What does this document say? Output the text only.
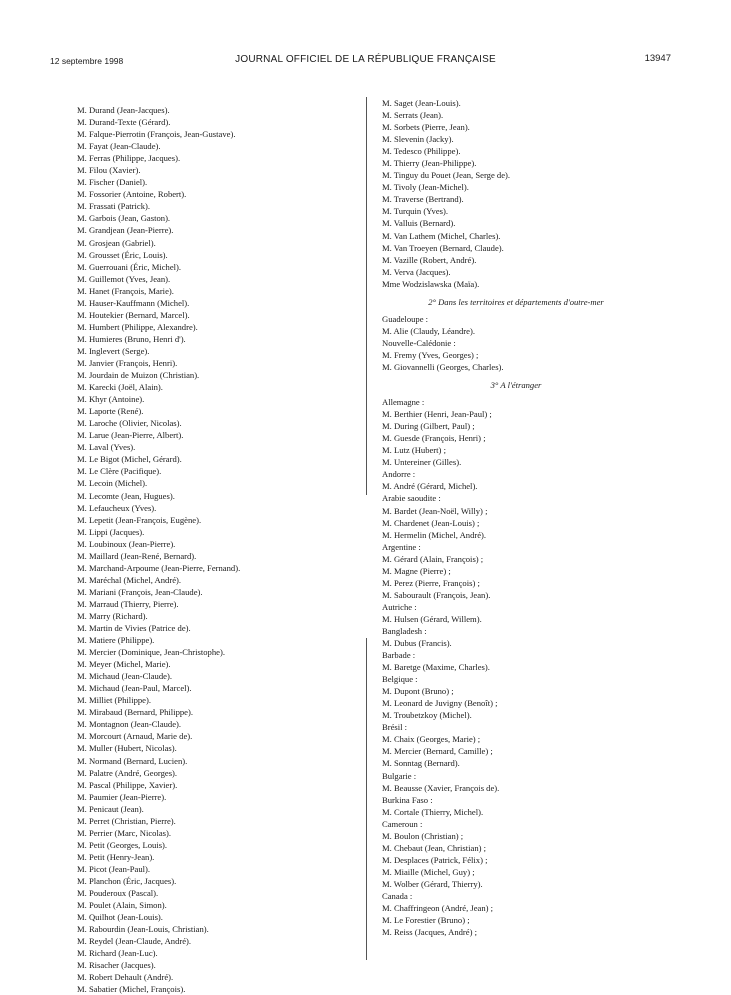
12 septembre 1998	JOURNAL OFFICIEL DE LA RÉPUBLIQUE FRANÇAISE	13947
M. Durand (Jean-Jacques).
M. Durand-Texte (Gérard).
M. Falque-Pierrotin (François, Jean-Gustave).
M. Fayat (Jean-Claude).
M. Ferras (Philippe, Jacques).
M. Filou (Xavier).
M. Fischer (Daniel).
M. Fossorier (Antoine, Robert).
M. Frassati (Patrick).
M. Garbois (Jean, Gaston).
M. Grandjean (Jean-Pierre).
M. Grosjean (Gabriel).
M. Grousset (Éric, Louis).
M. Guerrouani (Éric, Michel).
M. Guillemot (Yves, Jean).
M. Hanet (François, Marie).
M. Hauser-Kauffmann (Michel).
M. Houtekier (Bernard, Marcel).
M. Humbert (Philippe, Alexandre).
M. Humieres (Bruno, Henri d').
M. Inglevert (Serge).
M. Janvier (François, Henri).
M. Jourdain de Muizon (Christian).
M. Karecki (Joël, Alain).
M. Khyr (Antoine).
M. Laporte (René).
M. Laroche (Olivier, Nicolas).
M. Larue (Jean-Pierre, Albert).
M. Laval (Yves).
M. Le Bigot (Michel, Gérard).
M. Le Clère (Pacifique).
M. Lecoin (Michel).
M. Lecomte (Jean, Hugues).
M. Lefaucheux (Yves).
M. Lepetit (Jean-François, Eugène).
M. Lippi (Jacques).
M. Loubinoux (Jean-Pierre).
M. Maillard (Jean-René, Bernard).
M. Marchand-Arpoume (Jean-Pierre, Fernand).
M. Maréchal (Michel, André).
M. Mariani (François, Jean-Claude).
M. Marraud (Thierry, Pierre).
M. Marry (Richard).
M. Martin de Vivies (Patrice de).
M. Matiere (Philippe).
M. Mercier (Dominique, Jean-Christophe).
M. Meyer (Michel, Marie).
M. Michaud (Jean-Claude).
M. Michaud (Jean-Paul, Marcel).
M. Milliet (Philippe).
M. Mirabaud (Bernard, Philippe).
M. Montagnon (Jean-Claude).
M. Morcourt (Arnaud, Marie de).
M. Muller (Hubert, Nicolas).
M. Normand (Bernard, Lucien).
M. Palatre (André, Georges).
M. Pascal (Philippe, Xavier).
M. Paumier (Jean-Pierre).
M. Penicaut (Jean).
M. Perret (Christian, Pierre).
M. Perrier (Marc, Nicolas).
M. Petit (Georges, Louis).
M. Petit (Henry-Jean).
M. Picot (Jean-Paul).
M. Planchon (Éric, Jacques).
M. Pouderoux (Pascal).
M. Poulet (Alain, Simon).
M. Quilhot (Jean-Louis).
M. Rabourdin (Jean-Louis, Christian).
M. Reydel (Jean-Claude, André).
M. Richard (Jean-Luc).
M. Risacher (Jacques).
M. Robert Dehault (André).
M. Sabatier (Michel, François).
M. Saget (Jean-Louis).
M. Serrats (Jean).
M. Sorbets (Pierre, Jean).
M. Slevenin (Jacky).
M. Tedesco (Philippe).
M. Thierry (Jean-Philippe).
M. Tinguy du Pouet (Jean, Serge de).
M. Tivoly (Jean-Michel).
M. Traverse (Bertrand).
M. Turquin (Yves).
M. Valluis (Bernard).
M. Van Lathem (Michel, Charles).
M. Van Troeyen (Bernard, Claude).
M. Vazille (Robert, André).
M. Verva (Jacques).
Mme Wodzislawska (Maïa).
2° Dans les territoires et départements d'outre-mer
Guadeloupe :
M. Alie (Claudy, Léandre).
Nouvelle-Calédonie :
M. Fremy (Yves, Georges) ;
M. Giovannelli (Georges, Charles).
3° A l'étranger
Allemagne :
M. Berthier (Henri, Jean-Paul) ;
M. During (Gilbert, Paul) ;
M. Guesde (François, Henri) ;
M. Lutz (Hubert) ;
M. Untereiner (Gilles).
Andorre :
M. André (Gérard, Michel).
Arabie saoudite :
M. Bardet (Jean-Noël, Willy) ;
M. Chardenet (Jean-Louis) ;
M. Hermelin (Michel, André).
Argentine :
M. Gérard (Alain, François) ;
M. Magne (Pierre) ;
M. Perez (Pierre, François) ;
M. Sabourault (François, Jean).
Autriche :
M. Hulsen (Gérard, Willem).
Bangladesh :
M. Dubus (Francis).
Barbade :
M. Baretge (Maxime, Charles).
Belgique :
M. Dupont (Bruno) ;
M. Leonard de Juvigny (Benoît) ;
M. Troubetzkoy (Michel).
Brésil :
M. Chaix (Georges, Marie) ;
M. Mercier (Bernard, Camille) ;
M. Sonntag (Bernard).
Bulgarie :
M. Beausse (Xavier, François de).
Burkina Faso :
M. Cortale (Thierry, Michel).
Cameroun :
M. Boulon (Christian) ;
M. Chebaut (Jean, Christian) ;
M. Desplaces (Patrick, Félix) ;
M. Miaille (Michel, Guy) ;
M. Wolber (Gérard, Thierry).
Canada :
M. Chaffringeon (André, Jean) ;
M. Le Forestier (Bruno) ;
M. Reiss (Jacques, André) ;
